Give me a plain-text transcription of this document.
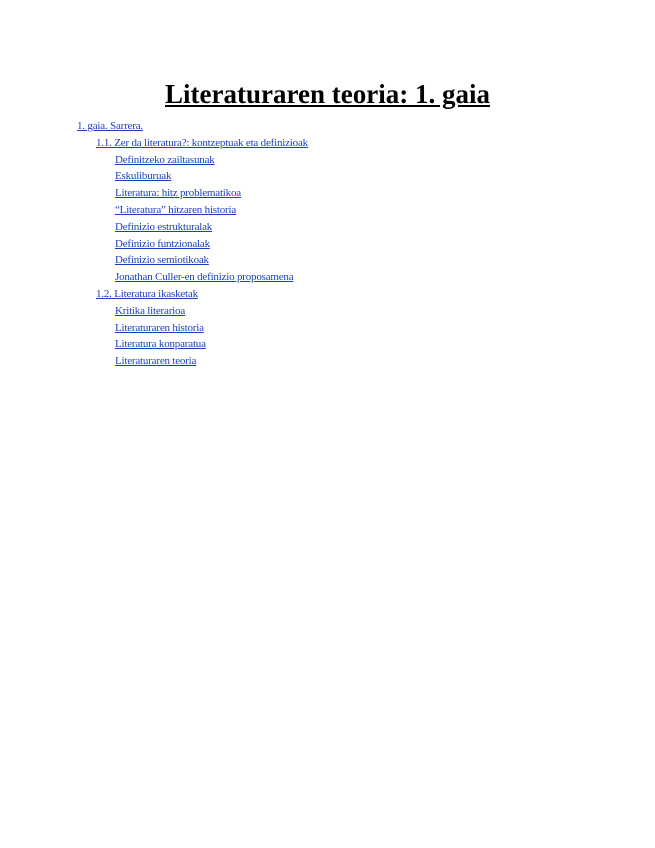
Literaturaren teoria: 1. gaia
1. gaia. Sarrera.
1.1. Zer da literatura?: kontzeptuak eta definizioak
Definitzeko zailtasunak
Eskuliburuak
Literatura: hitz problematikoa
“Literatura” hitzaren historia
Definizio estrukturalak
Definizio funtzionalak
Definizio semiotikoak
Jonathan Culler-en definizio proposamena
1.2. Literatura ikasketak
Kritika literarioa
Literaturaren historia
Literatura konparatua
Literaturaren teoria
